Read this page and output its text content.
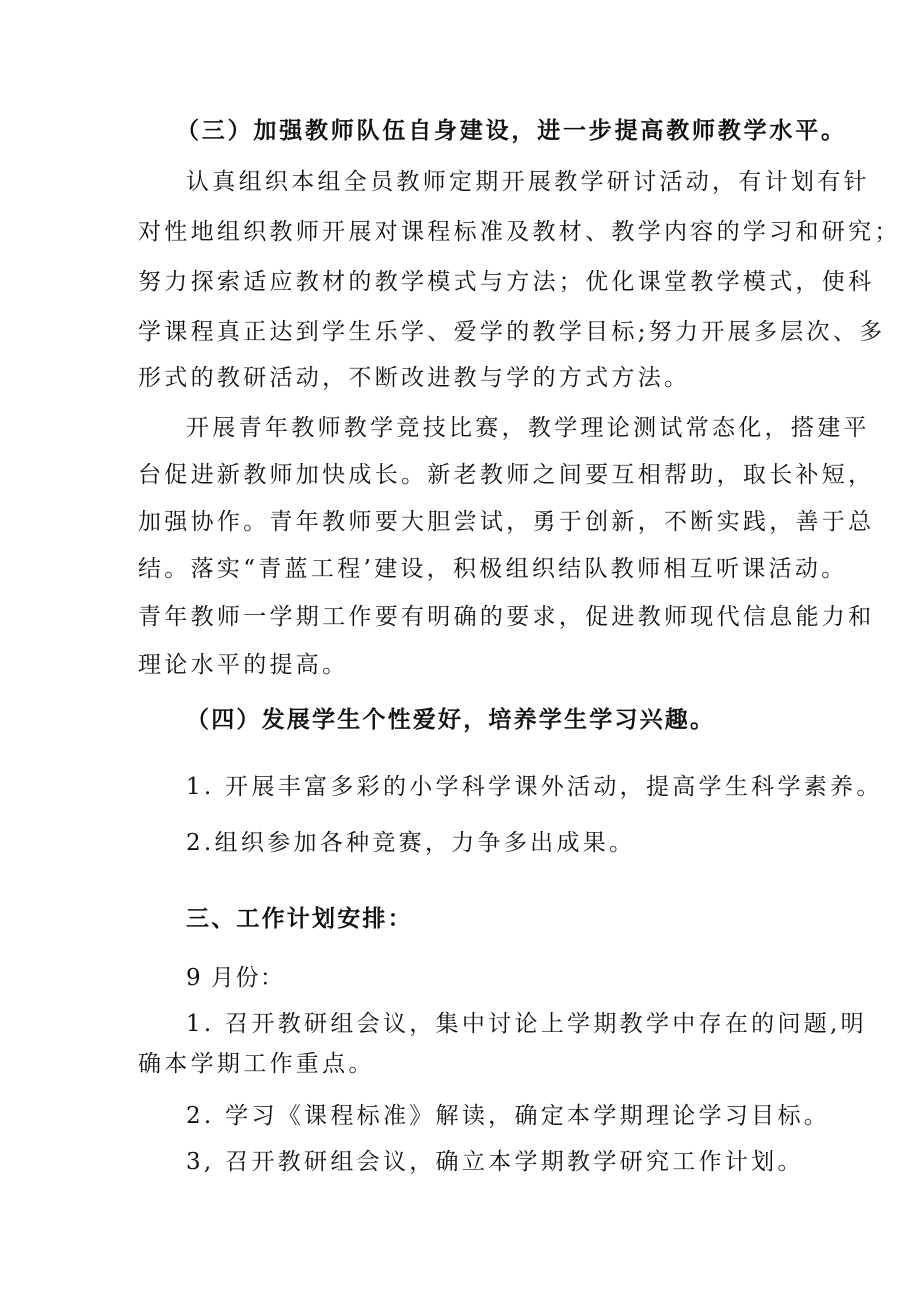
（三）加强教师队伍自身建设，进一步提高教师教学水平。
认真组织本组全员教师定期开展教学研讨活动，有计划有针
对性地组织教师开展对课程标准及教材、教学内容的学习和研究；
努力探索适应教材的教学模式与方法；优化课堂教学模式，使科
学课程真正达到学生乐学、爱学的教学目标;努力开展多层次、多
形式的教研活动，不断改进教与学的方式方法。
开展青年教师教学竞技比赛，教学理论测试常态化，搭建平
台促进新教师加快成长。新老教师之间要互相帮助，取长补短，
加强协作。青年教师要大胆尝试，勇于创新，不断实践，善于总
结。落实“青蓝工程’建设，积极组织结队教师相互听课活动。
青年教师一学期工作要有明确的要求，促进教师现代信息能力和
理论水平的提高。
（四）发展学生个性爱好，培养学生学习兴趣。
1. 开展丰富多彩的小学科学课外活动，提高学生科学素养。
2.组织参加各种竞赛，力争多出成果。
三、工作计划安排：
9 月份：
1. 召开教研组会议，集中讨论上学期教学中存在的问题,明
确本学期工作重点。
2. 学习《课程标准》解读，确定本学期理论学习目标。
3, 召开教研组会议，确立本学期教学研究工作计划。
